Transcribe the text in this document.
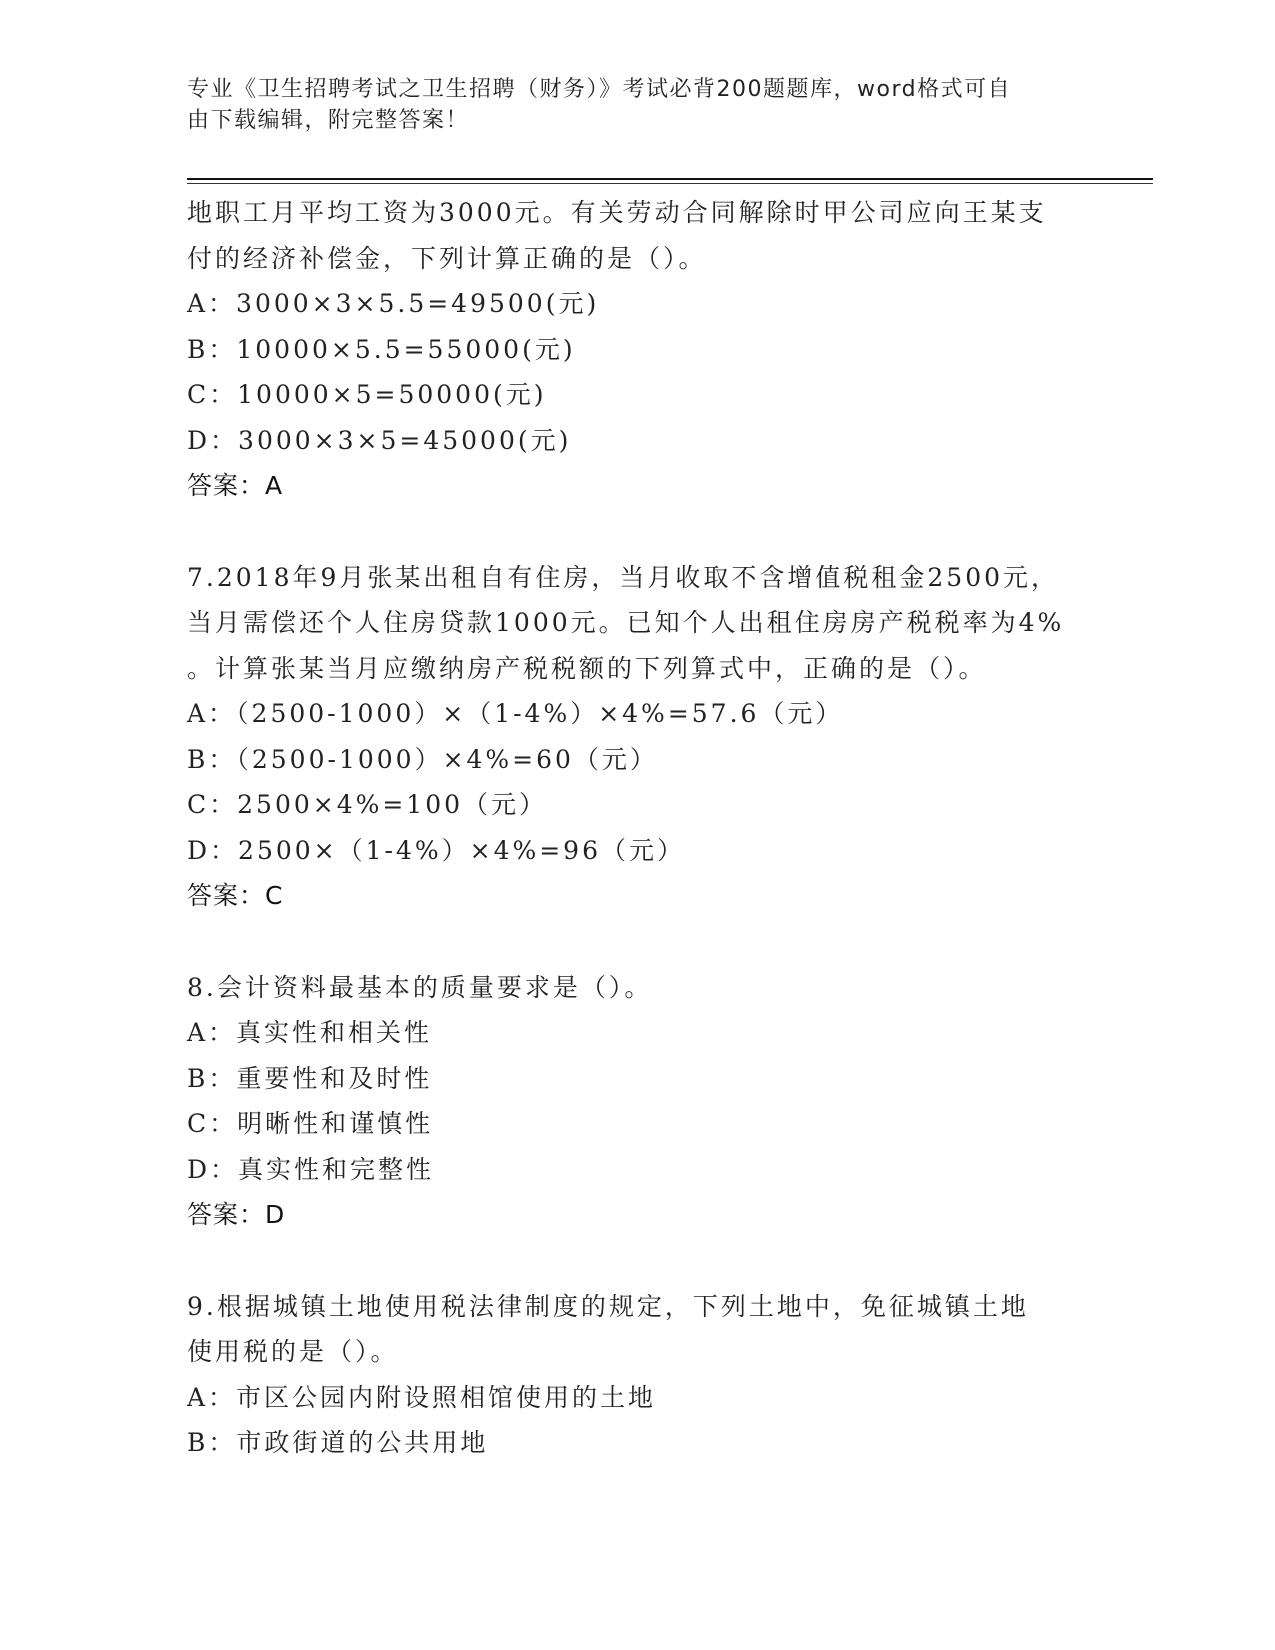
专业《卫生招聘考试之卫生招聘（财务）》考试必背200题题库，word格式可自
由下载编辑，附完整答案！
地职工月平均工资为3000元。有关劳动合同解除时甲公司应向王某支
付的经济补偿金，下列计算正确的是（）。
A：3000×3×5.5=49500(元)
B：10000×5.5=55000(元)
C：10000×5=50000(元)
D：3000×3×5=45000(元)
答案：A
7.2018年9月张某出租自有住房，当月收取不含增值税租金2500元，
当月需偿还个人住房贷款1000元。已知个人出租住房房产税税率为4%
。计算张某当月应缴纳房产税税额的下列算式中，正确的是（）。
A：（2500-1000）×（1-4%）×4%=57.6（元）
B：（2500-1000）×4%=60（元）
C：2500×4%=100（元）
D：2500×（1-4%）×4%=96（元）
答案：C
8.会计资料最基本的质量要求是（）。
A：真实性和相关性
B：重要性和及时性
C：明晰性和谨慎性
D：真实性和完整性
答案：D
9.根据城镇土地使用税法律制度的规定，下列土地中，免征城镇土地
使用税的是（）。
A：市区公园内附设照相馆使用的土地
B：市政街道的公共用地
